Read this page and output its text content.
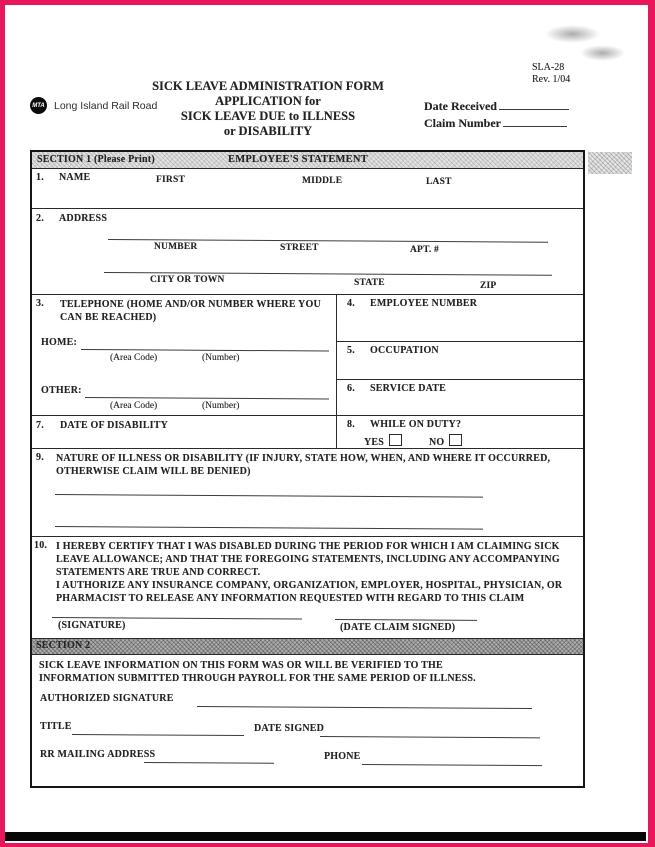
SLA-28
Rev. 1/04
SICK LEAVE ADMINISTRATION FORM
APPLICATION for
SICK LEAVE DUE to ILLNESS
or DISABILITY
MTA Long Island Rail Road	Date Received
Claim Number
SECTION 1 (Please Print)	EMPLOYEE'S STATEMENT
1. NAME	FIRST	MIDDLE	LAST
2. ADDRESS
NUMBER	STREET	APT. #
CITY OR TOWN	STATE	ZIP
3. TELEPHONE (HOME AND/OR NUMBER WHERE YOU CAN BE REACHED)
HOME:
(Area Code)	(Number)
OTHER:
(Area Code)	(Number)
7. DATE OF DISABILITY
4. EMPLOYEE NUMBER
5. OCCUPATION
6. SERVICE DATE
8. WHILE ON DUTY?
YES	NO
9. NATURE OF ILLNESS OR DISABILITY (IF INJURY, STATE HOW, WHEN, AND WHERE IT OCCURRED, OTHERWISE CLAIM WILL BE DENIED)
10. I HEREBY CERTIFY THAT I WAS DISABLED DURING THE PERIOD FOR WHICH I AM CLAIMING SICK LEAVE ALLOWANCE; AND THAT THE FOREGOING STATEMENTS, INCLUDING ANY ACCOMPANYING STATEMENTS ARE TRUE AND CORRECT.
I AUTHORIZE ANY INSURANCE COMPANY, ORGANIZATION, EMPLOYER, HOSPITAL, PHYSICIAN, OR PHARMACIST TO RELEASE ANY INFORMATION REQUESTED WITH REGARD TO THIS CLAIM
(SIGNATURE)	(DATE CLAIM SIGNED)
SECTION 2
SICK LEAVE INFORMATION ON THIS FORM WAS OR WILL BE VERIFIED TO THE INFORMATION SUBMITTED THROUGH PAYROLL FOR THE SAME PERIOD OF ILLNESS.
AUTHORIZED SIGNATURE
TITLE	DATE SIGNED
RR MAILING ADDRESS	PHONE
